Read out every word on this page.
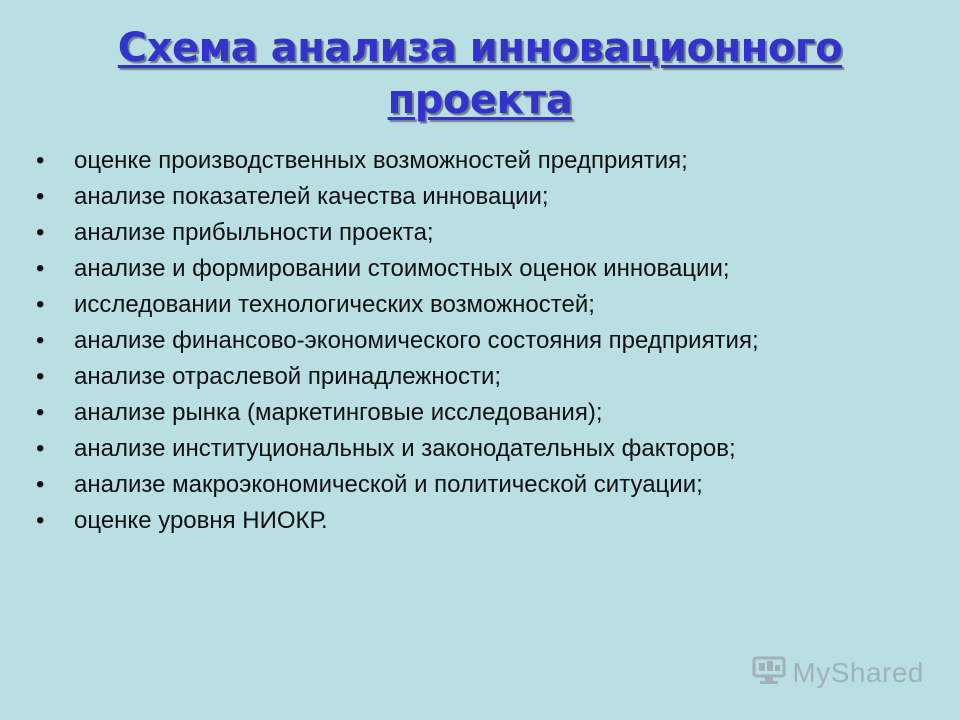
Схема анализа инновационного проекта
• оценке производственных возможностей предприятия;
• анализе показателей качества инновации;
• анализе прибыльности проекта;
• анализе и формировании стоимостных оценок инновации;
• исследовании технологических возможностей;
• анализе финансово-экономического состояния предприятия;
• анализе отраслевой принадлежности;
• анализе рынка (маркетинговые исследования);
• анализе институциональных и законодательных факторов;
• анализе макроэкономической и политической ситуации;
• оценке уровня НИОКР.
MyShared
